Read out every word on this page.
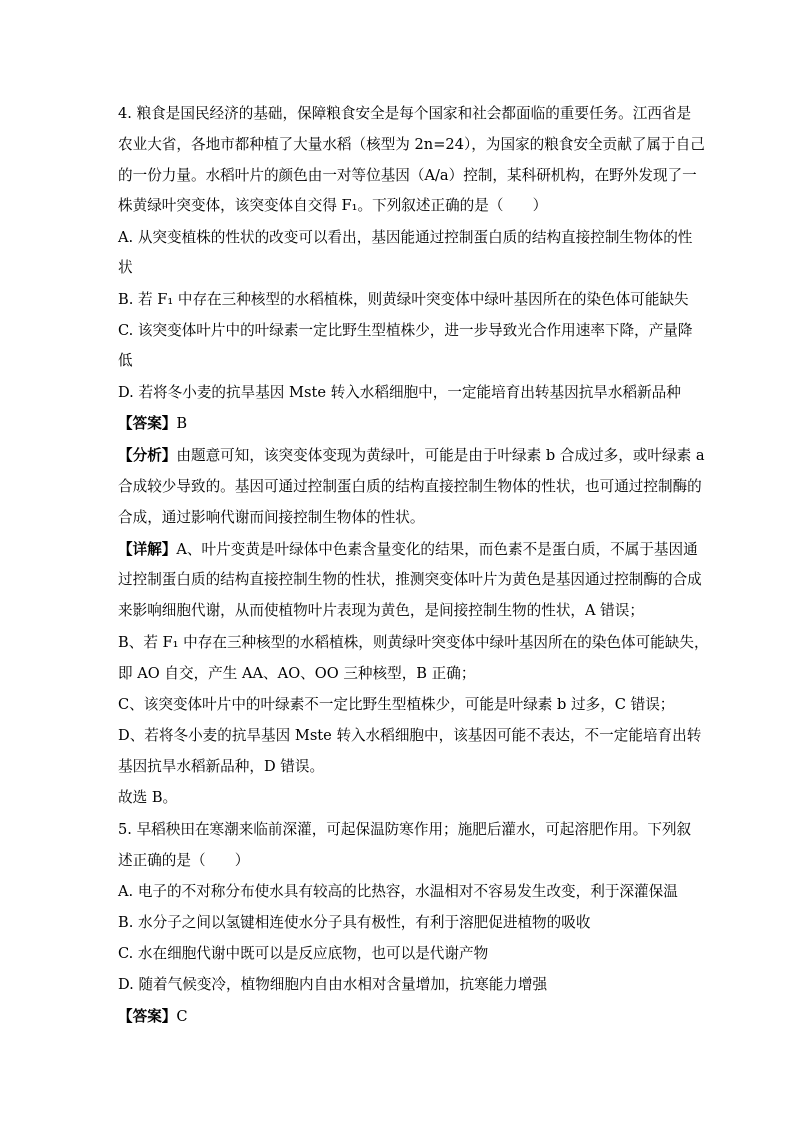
4. 粮食是国民经济的基础，保障粮食安全是每个国家和社会都面临的重要任务。江西省是
农业大省，各地市都种植了大量水稻（核型为 2n=24），为国家的粮食安全贡献了属于自己
的一份力量。水稻叶片的颜色由一对等位基因（A/a）控制，某科研机构，在野外发现了一
株黄绿叶突变体，该突变体自交得 F₁。下列叙述正确的是（　　）
A. 从突变植株的性状的改变可以看出，基因能通过控制蛋白质的结构直接控制生物体的性
状
B. 若 F₁ 中存在三种核型的水稻植株，则黄绿叶突变体中绿叶基因所在的染色体可能缺失
C. 该突变体叶片中的叶绿素一定比野生型植株少，进一步导致光合作用速率下降，产量降
低
D. 若将冬小麦的抗旱基因 Mste 转入水稻细胞中，一定能培育出转基因抗旱水稻新品种
【答案】B
【分析】由题意可知，该突变体变现为黄绿叶，可能是由于叶绿素 b 合成过多，或叶绿素 a
合成较少导致的。基因可通过控制蛋白质的结构直接控制生物体的性状，也可通过控制酶的
合成，通过影响代谢而间接控制生物体的性状。
【详解】A、叶片变黄是叶绿体中色素含量变化的结果，而色素不是蛋白质，不属于基因通
过控制蛋白质的结构直接控制生物的性状，推测突变体叶片为黄色是基因通过控制酶的合成
来影响细胞代谢，从而使植物叶片表现为黄色，是间接控制生物的性状，A 错误；
B、若 F₁ 中存在三种核型的水稻植株，则黄绿叶突变体中绿叶基因所在的染色体可能缺失，
即 AO 自交，产生 AA、AO、OO 三种核型，B 正确；
C、该突变体叶片中的叶绿素不一定比野生型植株少，可能是叶绿素 b 过多，C 错误；
D、若将冬小麦的抗旱基因 Mste 转入水稻细胞中，该基因可能不表达，不一定能培育出转
基因抗旱水稻新品种，D 错误。
故选 B。
5. 早稻秧田在寒潮来临前深灌，可起保温防寒作用；施肥后灌水，可起溶肥作用。下列叙
述正确的是（　　）
A. 电子的不对称分布使水具有较高的比热容，水温相对不容易发生改变，利于深灌保温
B. 水分子之间以氢键相连使水分子具有极性，有利于溶肥促进植物的吸收
C. 水在细胞代谢中既可以是反应底物，也可以是代谢产物
D. 随着气候变冷，植物细胞内自由水相对含量增加，抗寒能力增强
【答案】C
